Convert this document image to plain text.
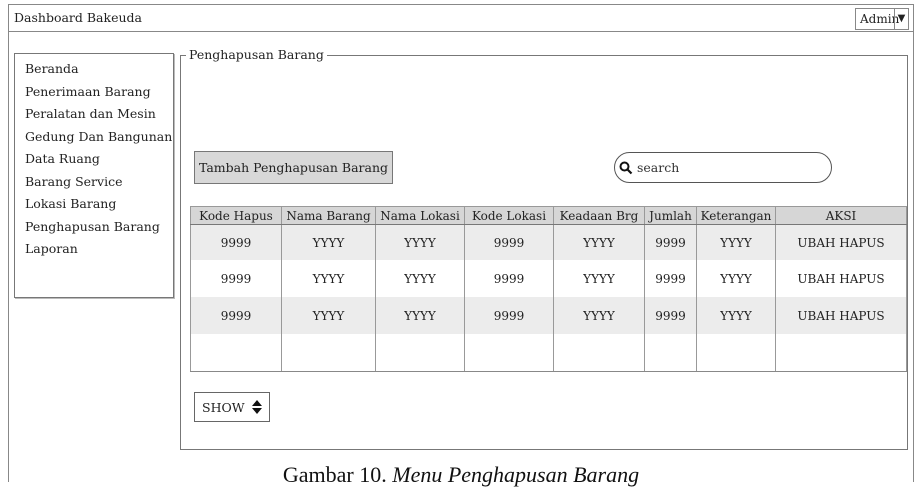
Dashboard Bakeuda	Admin
▼
Beranda
Penerimaan Barang
Peralatan dan Mesin
Gedung Dan Bangunan
Data Ruang
Barang Service
Lokasi Barang
Penghapusan Barang
Laporan
Penghapusan Barang
Tambah Penghapusan Barang	search
Kode Hapus	Nama Barang	Nama Lokasi	Kode Lokasi	Keadaan Brg	Jumlah	Keterangan	AKSI
9999	YYYY	YYYY	9999	YYYY	9999	YYYY	UBAH HAPUS
9999	YYYY	YYYY	9999	YYYY	9999	YYYY	UBAH HAPUS
9999	YYYY	YYYY	9999	YYYY	9999	YYYY	UBAH HAPUS

SHOW
Gambar 10. Menu Penghapusan Barang
